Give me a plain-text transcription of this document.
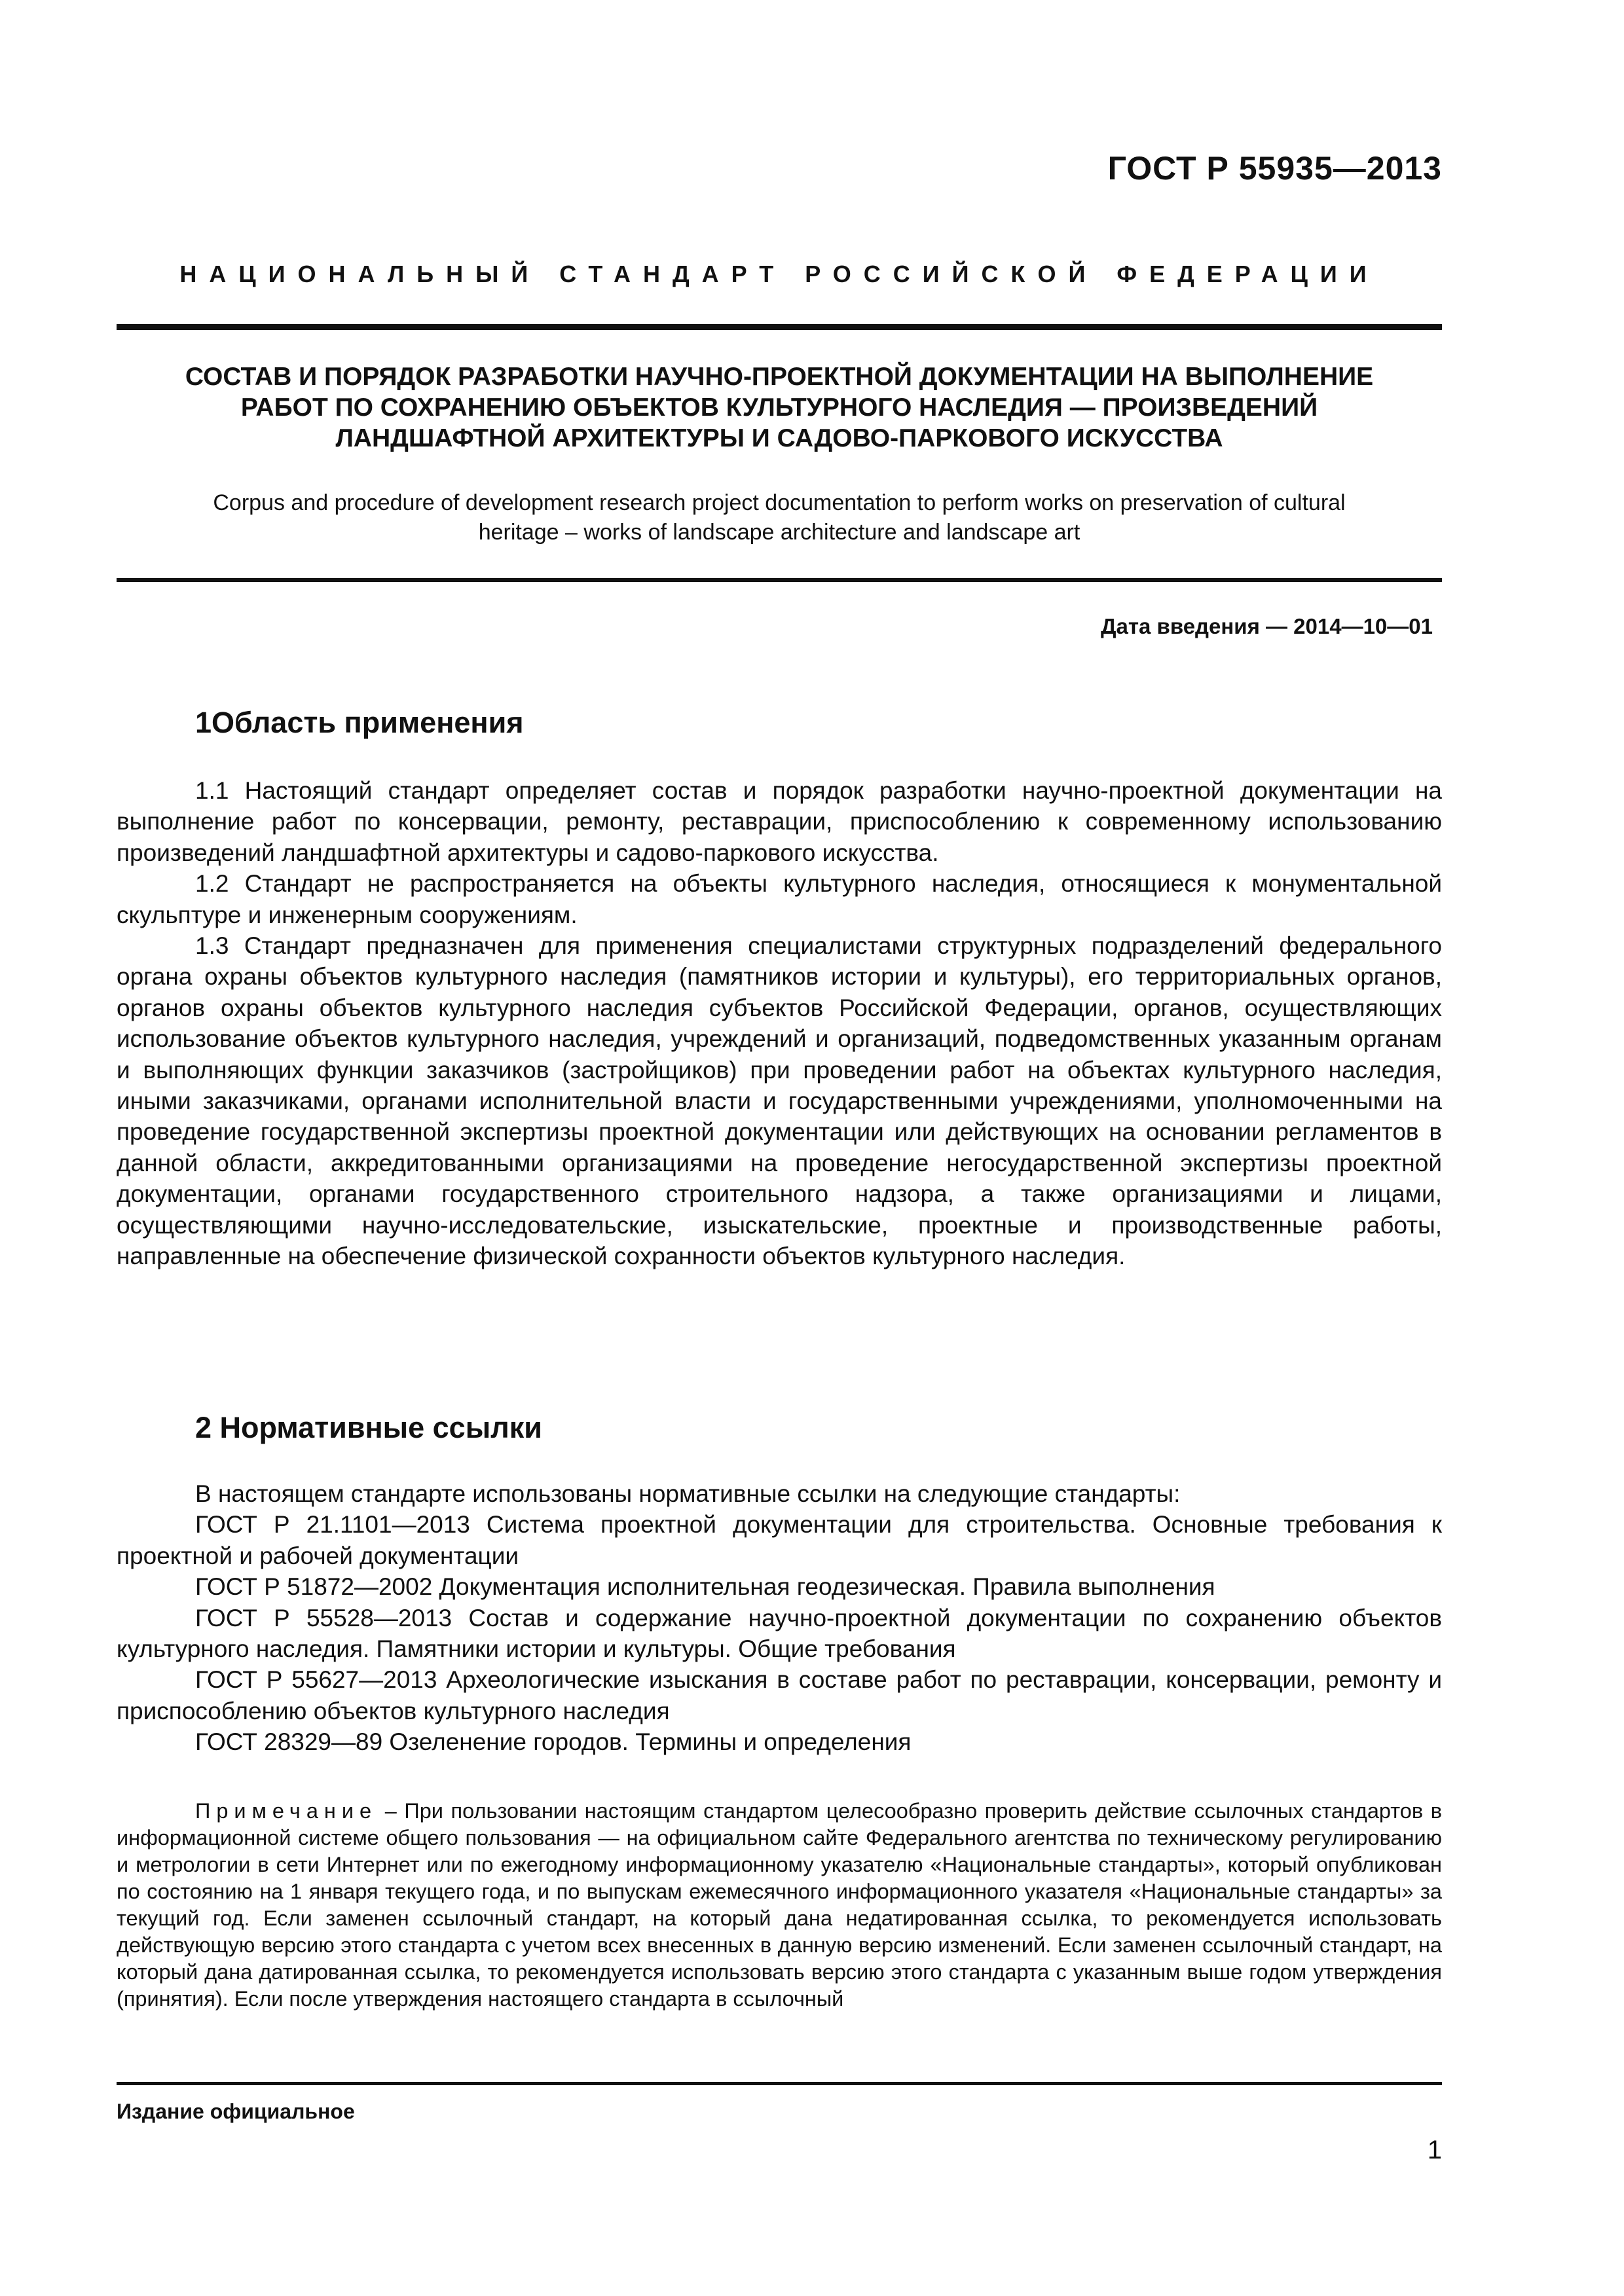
ГОСТ Р 55935—2013
НАЦИОНАЛЬНЫЙ СТАНДАРТ РОССИЙСКОЙ ФЕДЕРАЦИИ
СОСТАВ И ПОРЯДОК РАЗРАБОТКИ НАУЧНО-ПРОЕКТНОЙ ДОКУМЕНТАЦИИ НА ВЫПОЛНЕНИЕ
РАБОТ ПО СОХРАНЕНИЮ ОБЪЕКТОВ КУЛЬТУРНОГО НАСЛЕДИЯ — ПРОИЗВЕДЕНИЙ
ЛАНДШАФТНОЙ АРХИТЕКТУРЫ И САДОВО-ПАРКОВОГО ИСКУССТВА
Corpus and procedure of development research project documentation to perform works on preservation of cultural
heritage – works of landscape architecture and landscape art
Дата введения — 2014—10—01
1Область применения

1.1 Настоящий стандарт определяет состав и порядок разработки научно-проектной документации на выполнение работ по консервации, ремонту, реставрации, приспособлению к современному использованию произведений ландшафтной архитектуры и садово-паркового искусства.

1.2 Стандарт не распространяется на объекты культурного наследия, относящиеся к монументальной скульптуре и инженерным сооружениям.

1.3 Стандарт предназначен для применения специалистами структурных подразделений федерального органа охраны объектов культурного наследия (памятников истории и культуры), его территориальных органов, органов охраны объектов культурного наследия субъектов Российской Федерации, органов, осуществляющих использование объектов культурного наследия, учреждений и организаций, подведомственных указанным органам и выполняющих функции заказчиков (застройщиков) при проведении работ на объектах культурного наследия, иными заказчиками, органами исполнительной власти и государственными учреждениями, уполномоченными на проведение государственной экспертизы проектной документации или действующих на основании регламентов в данной области, аккредитованными организациями на проведение негосударственной экспертизы проектной документации, органами государственного строительного надзора, а также организациями и лицами, осуществляющими научно-исследовательские, изыскательские, проектные и производственные работы, направленные на обеспечение физической сохранности объектов культурного наследия.

2 Нормативные ссылки

В настоящем стандарте использованы нормативные ссылки на следующие стандарты:

ГОСТ Р 21.1101—2013 Система проектной документации для строительства. Основные требования к проектной и рабочей документации

ГОСТ Р 51872—2002 Документация исполнительная геодезическая. Правила выполнения

ГОСТ Р 55528—2013 Состав и содержание научно-проектной документации по сохранению объектов культурного наследия. Памятники истории и культуры. Общие требования

ГОСТ Р 55627—2013 Археологические изыскания в составе работ по реставрации, консервации, ремонту и приспособлению объектов культурного наследия

ГОСТ 28329—89 Озеленение городов. Термины и определения

Примечание – При пользовании настоящим стандартом целесообразно проверить действие ссылочных стандартов в информационной системе общего пользования — на официальном сайте Федерального агентства по техническому регулированию и метрологии в сети Интернет или по ежегодному информационному указателю «Национальные стандарты», который опубликован по состоянию на 1 января текущего года, и по выпускам ежемесячного информационного указателя «Национальные стандарты» за текущий год. Если заменен ссылочный стандарт, на который дана недатированная ссылка, то рекомендуется использовать действующую версию этого стандарта с учетом всех внесенных в данную версию изменений. Если заменен ссылочный стандарт, на который дана датированная ссылка, то рекомендуется использовать версию этого стандарта с указанным выше годом утверждения (принятия). Если после утверждения настоящего стандарта в ссылочный
Издание официальное
1
